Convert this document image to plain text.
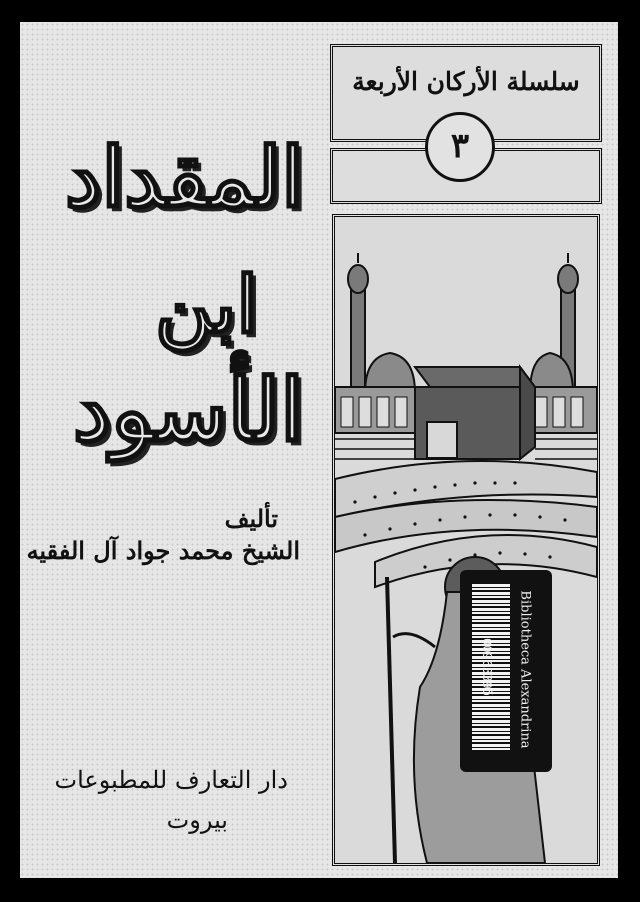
سلسلة الأركان الأربعة
٣
المقداد
ابن
الأسود
تأليف
الشيخ محمد جواد آل الفقيه
دار التعارف للمطبوعات
بيروت
0096339б Bibliotheca Alexandrina
